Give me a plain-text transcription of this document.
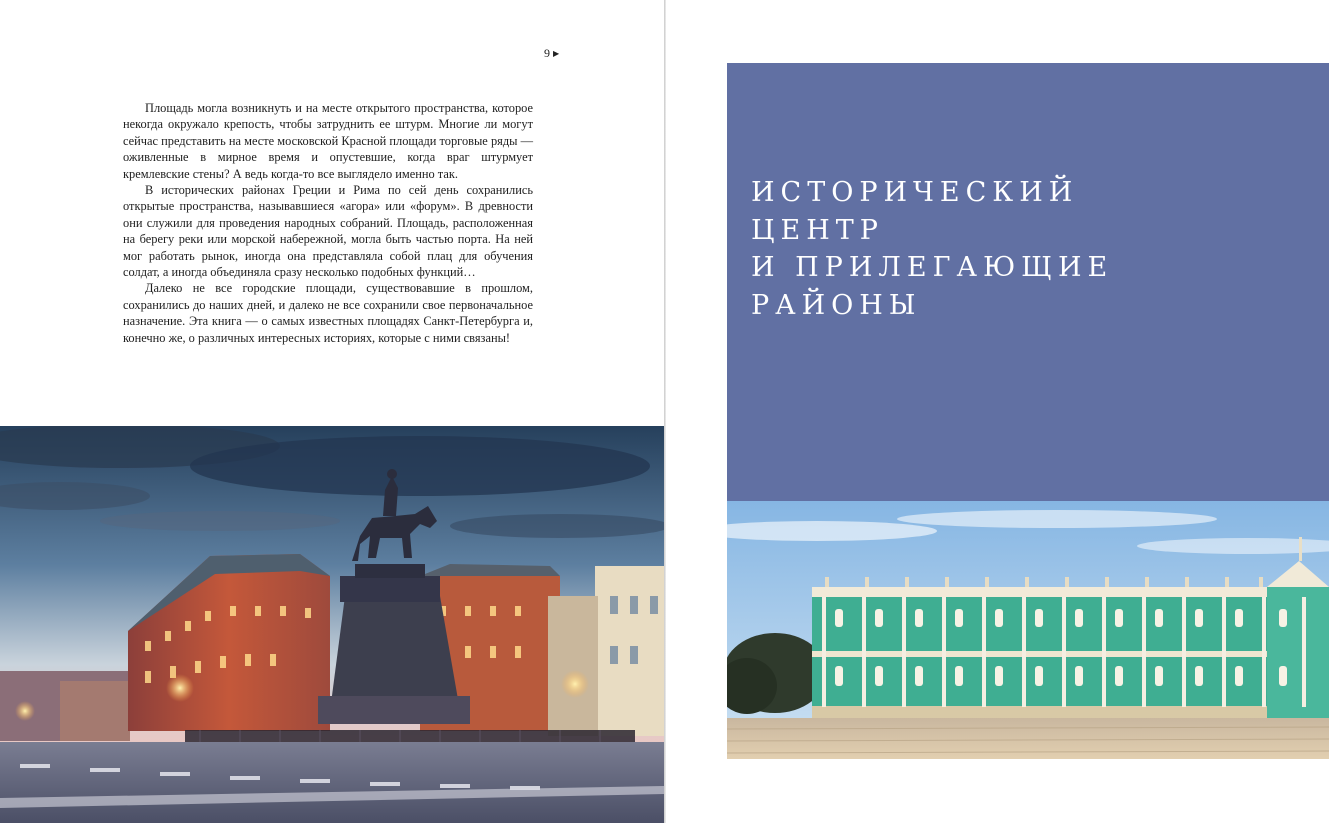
9 ▶

Площадь могла возникнуть и на месте открытого пространства, которое некогда окружало крепость, чтобы затруднить ее штурм. Многие ли могут сейчас представить на месте московской Красной площади торговые ряды — оживленные в мирное время и опустевшие, когда враг штурмует кремлевские стены? А ведь когда-то все выглядело именно так.

В исторических районах Греции и Рима по сей день сохранились открытые пространства, называвшиеся «агора» или «форум». В древности они служили для проведения народных собраний. Площадь, расположенная на берегу реки или морской набережной, могла быть частью порта. На ней мог работать рынок, иногда она представляла собой плац для обучения солдат, а иногда объединяла сразу несколько подобных функций…

Далеко не все городские площади, существовавшие в прошлом, сохранились до наших дней, и далеко не все сохранили свое первоначальное назначение. Эта книга — о самых известных площадях Санкт-Петербурга и, конечно же, о различных интересных историях, которые с ними связаны!

ИСТОРИЧЕСКИЙ
ЦЕНТР
И ПРИЛЕГАЮЩИЕ
РАЙОНЫ
